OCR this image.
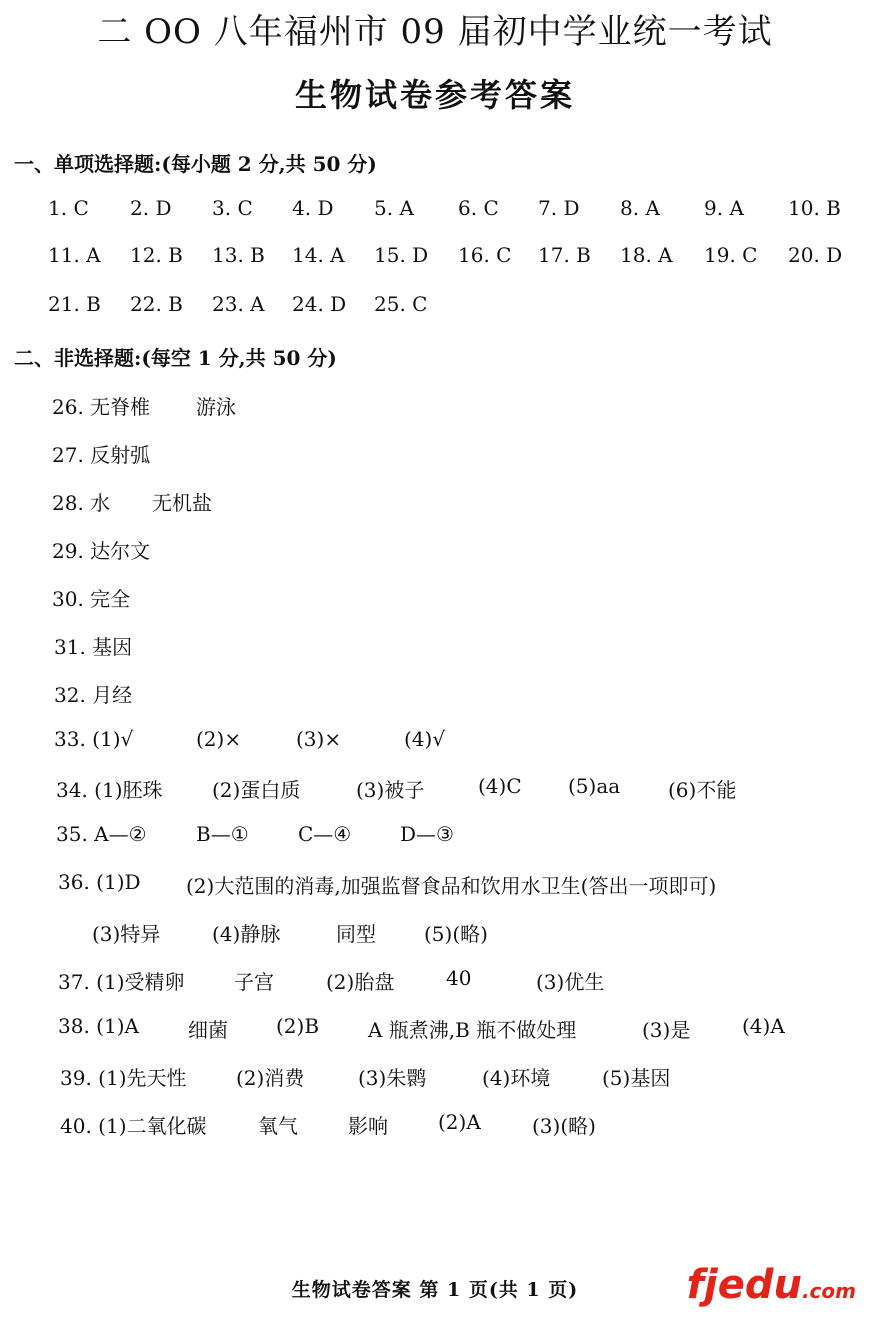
二 OO 八年福州市 09 届初中学业统一考试
生物试卷参考答案
一、单项选择题:(每小题 2 分,共 50 分)
1. C 2. D 3. C 4. D 5. A 6. C 7. D 8. A 9. A 10. B
11. A 12. B 13. B 14. A 15. D 16. C 17. B 18. A 19. C 20. D
21. B 22. B 23. A 24. D 25. C
二、非选择题:(每空 1 分,共 50 分)
26. 无脊椎 游泳
27. 反射弧
28. 水 无机盐
29. 达尔文
30. 完全
31. 基因
32. 月经
33. (1)√	(2)×	(3)×	(4)√
34. (1)胚珠 (2)蛋白质	(3)被子	(4)C (5)aa (6)不能
35. A—② B—① C—④ D—③
36. (1)D (2)大范围的消毒,加强监督食品和饮用水卫生(答出一项即可)
(3)特异	(4)静脉	同型 (5)(略)
37. (1)受精卵 子宫	(2)胎盘	40	(3)优生
38. (1)A 细菌 (2)B A 瓶煮沸,B 瓶不做处理	(3)是	(4)A
39. (1)先天性 (2)消费	(3)朱鹮	(4)环境	(5)基因
40. (1)二氧化碳	氧气	影响	(2)A	(3)(略)
生物试卷答案 第 1 页(共 1 页)	fjedu.com
